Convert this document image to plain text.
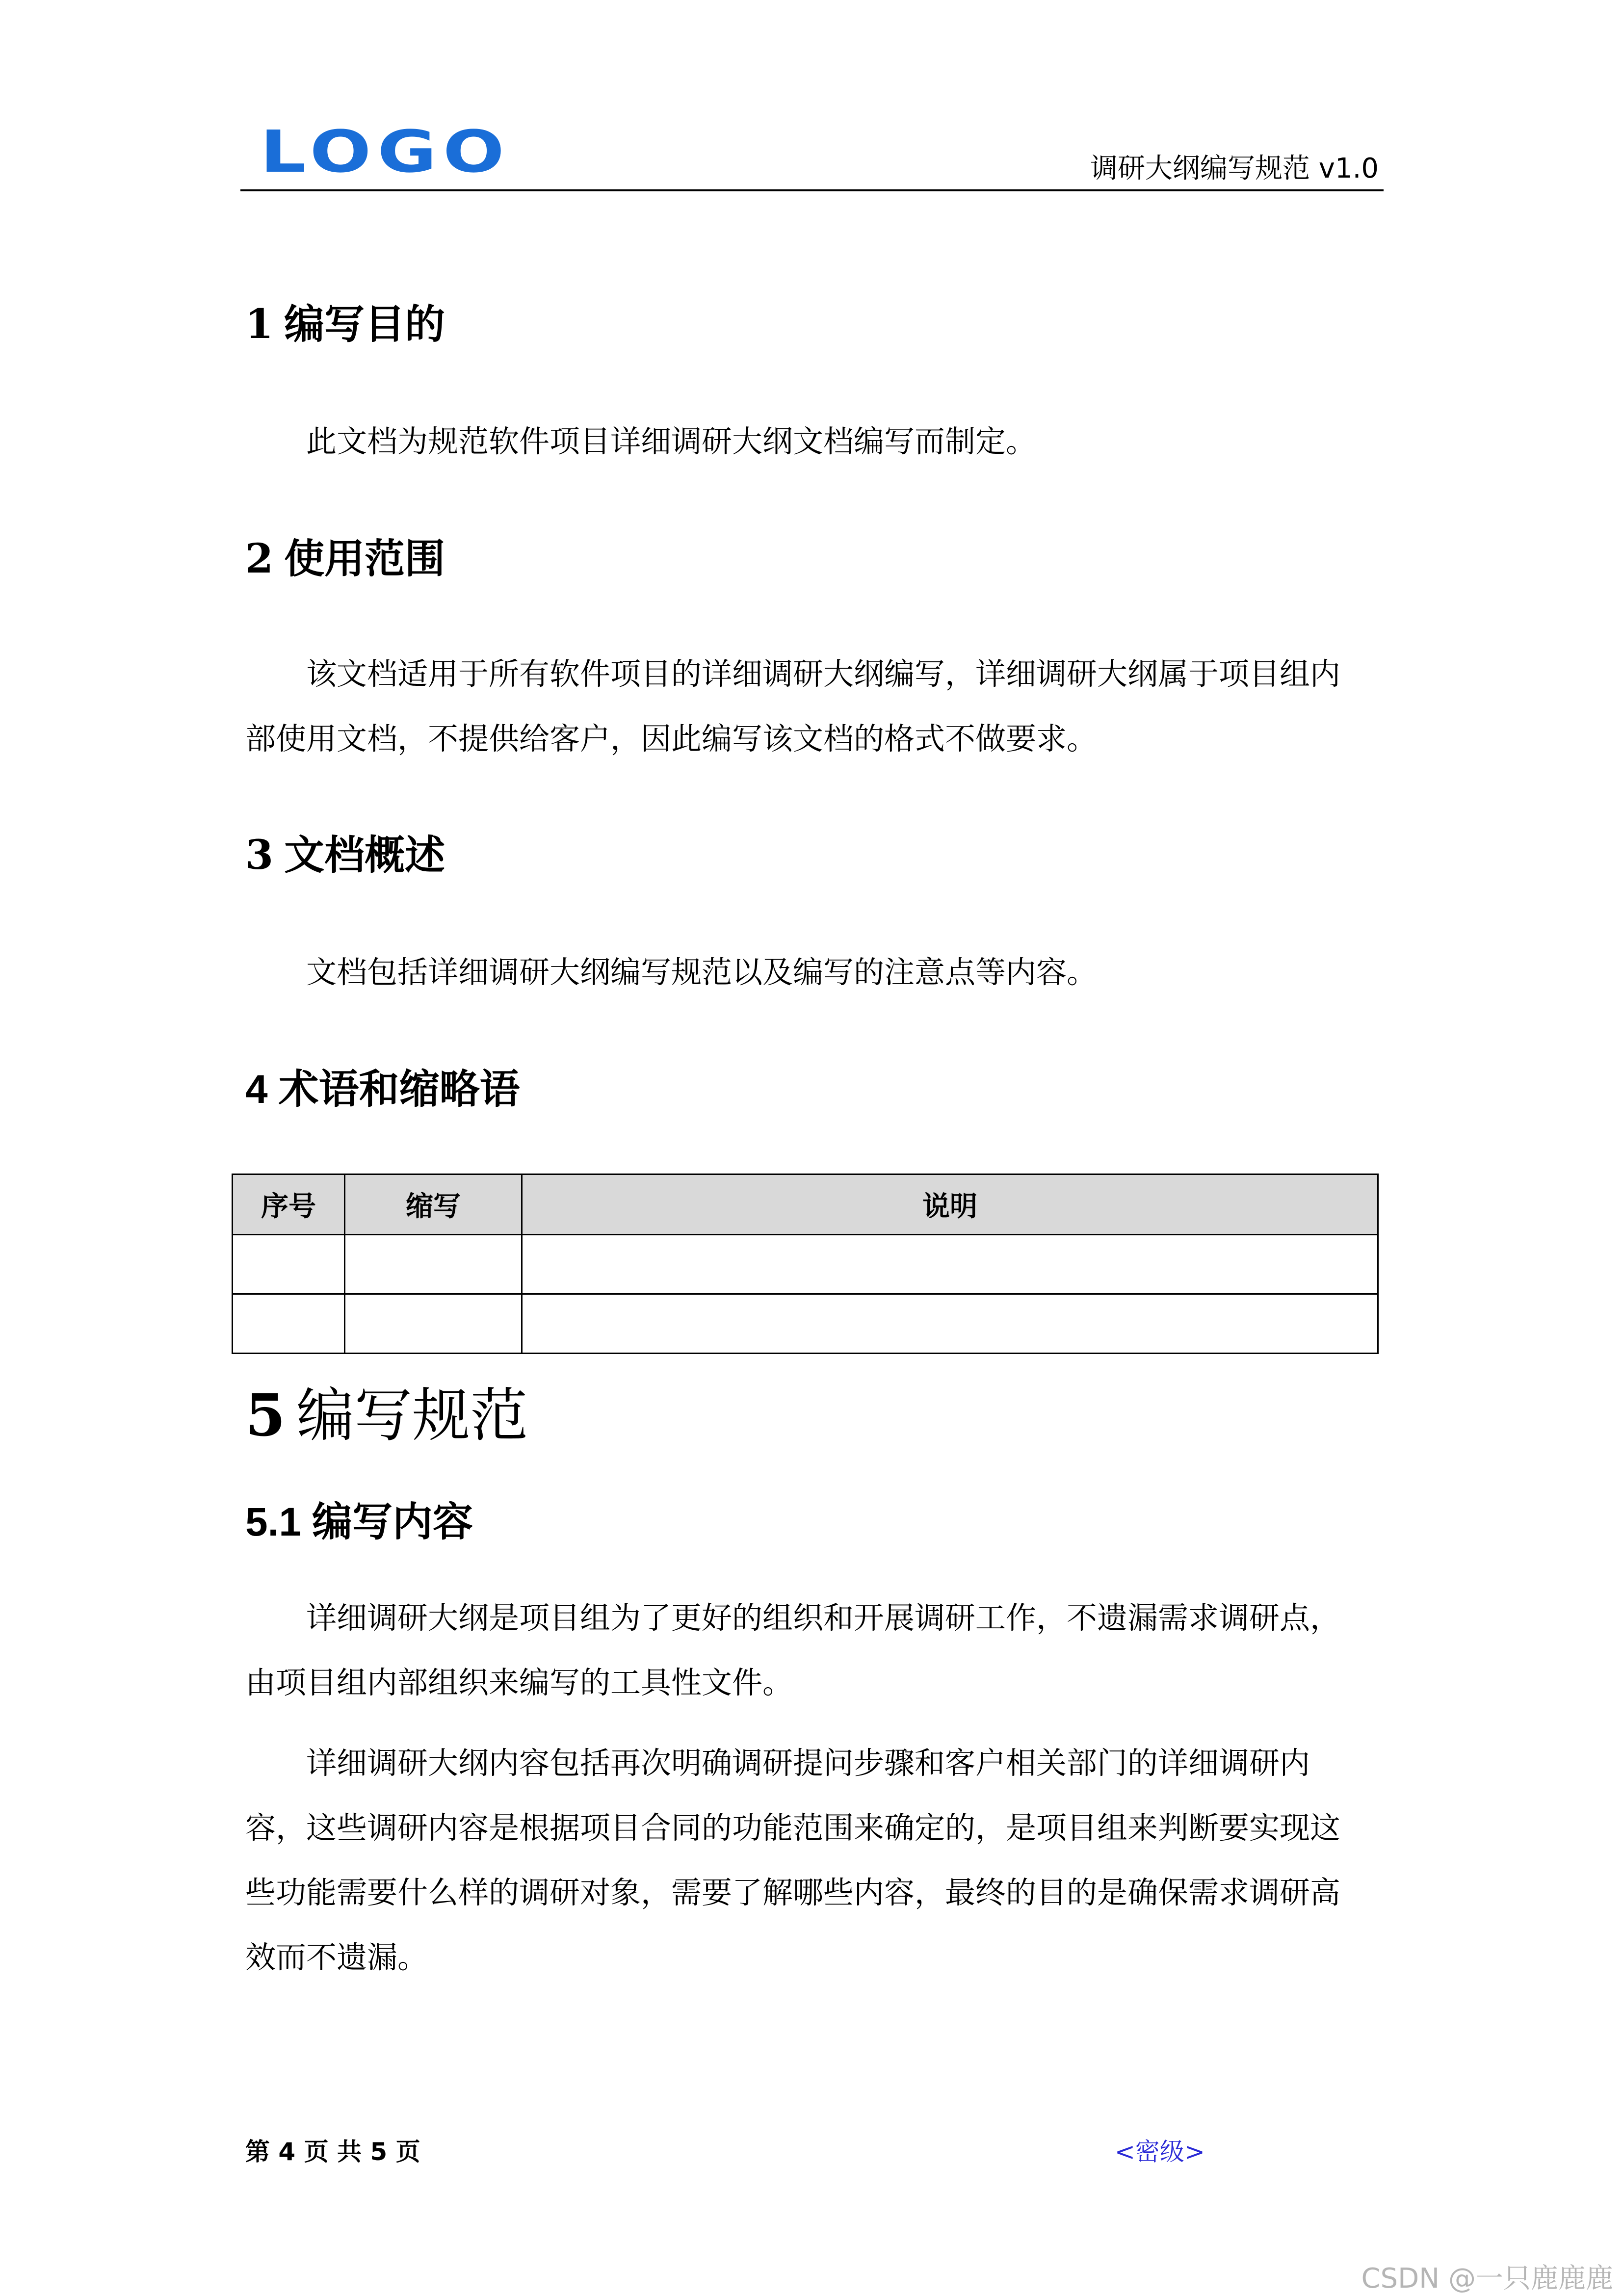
LOGO	调研大纲编写规范 v1.0
1 编写目的
此文档为规范软件项目详细调研大纲文档编写而制定。
2 使用范围
该文档适用于所有软件项目的详细调研大纲编写，详细调研大纲属于项目组内部使用文档，不提供给客户，因此编写该文档的格式不做要求。
3 文档概述
文档包括详细调研大纲编写规范以及编写的注意点等内容。
4 术语和缩略语
序号	缩写	说明

5 编写规范
5.1 编写内容
详细调研大纲是项目组为了更好的组织和开展调研工作，不遗漏需求调研点，由项目组内部组织来编写的工具性文件。
详细调研大纲内容包括再次明确调研提问步骤和客户相关部门的详细调研内容，这些调研内容是根据项目合同的功能范围来确定的，是项目组来判断要实现这些功能需要什么样的调研对象，需要了解哪些内容，最终的目的是确保需求调研高效而不遗漏。
第 4 页 共 5 页	<密级>
CSDN @一只鹿鹿鹿
